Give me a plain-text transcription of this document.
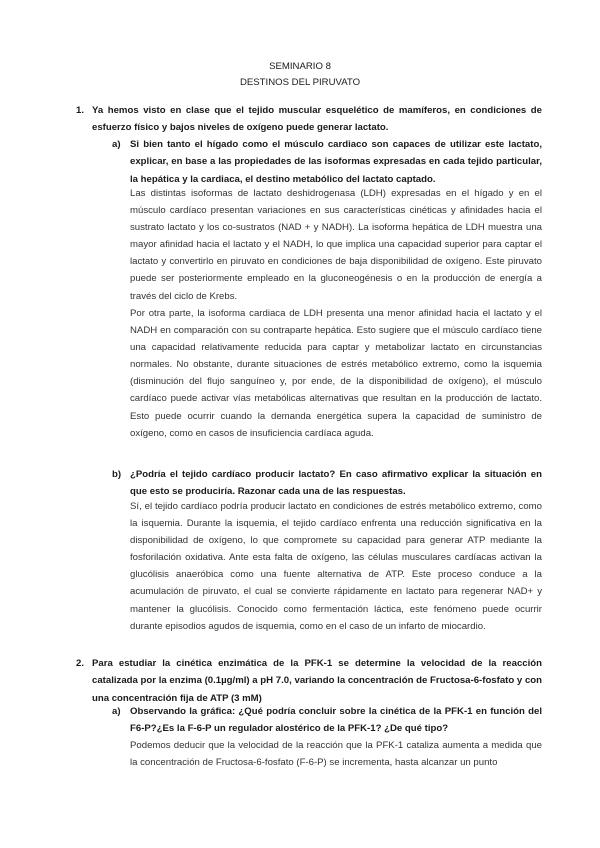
SEMINARIO 8
DESTINOS DEL PIRUVATO
1. Ya hemos visto en clase que el tejido muscular esquelético de mamíferos, en condiciones de esfuerzo físico y bajos niveles de oxígeno puede generar lactato.
a) Si bien tanto el hígado como el músculo cardiaco son capaces de utilizar este lactato, explicar, en base a las propiedades de las isoformas expresadas en cada tejido particular, la hepática y la cardiaca, el destino metabólico del lactato captado.
Las distintas isoformas de lactato deshidrogenasa (LDH) expresadas en el hígado y en el músculo cardíaco presentan variaciones en sus características cinéticas y afinidades hacia el sustrato lactato y los co-sustratos (NAD + y NADH). La isoforma hepática de LDH muestra una mayor afinidad hacia el lactato y el NADH, lo que implica una capacidad superior para captar el lactato y convertirlo en piruvato en condiciones de baja disponibilidad de oxígeno. Este piruvato puede ser posteriormente empleado en la gluconeogénesis o en la producción de energía a través del ciclo de Krebs.
Por otra parte, la isoforma cardiaca de LDH presenta una menor afinidad hacia el lactato y el NADH en comparación con su contraparte hepática. Esto sugiere que el músculo cardíaco tiene una capacidad relativamente reducida para captar y metabolizar lactato en circunstancias normales. No obstante, durante situaciones de estrés metabólico extremo, como la isquemia (disminución del flujo sanguíneo y, por ende, de la disponibilidad de oxígeno), el músculo cardíaco puede activar vías metabólicas alternativas que resultan en la producción de lactato. Esto puede ocurrir cuando la demanda energética supera la capacidad de suministro de oxígeno, como en casos de insuficiencia cardíaca aguda.
b) ¿Podría el tejido cardíaco producir lactato? En caso afirmativo explicar la situación en que esto se produciría. Razonar cada una de las respuestas.
Sí, el tejido cardíaco podría producir lactato en condiciones de estrés metabólico extremo, como la isquemia. Durante la isquemia, el tejido cardíaco enfrenta una reducción significativa en la disponibilidad de oxígeno, lo que compromete su capacidad para generar ATP mediante la fosforilación oxidativa. Ante esta falta de oxígeno, las células musculares cardíacas activan la glucólisis anaeróbica como una fuente alternativa de ATP. Este proceso conduce a la acumulación de piruvato, el cual se convierte rápidamente en lactato para regenerar NAD+ y mantener la glucólisis. Conocido como fermentación láctica, este fenómeno puede ocurrir durante episodios agudos de isquemia, como en el caso de un infarto de miocardio.
2. Para estudiar la cinética enzimática de la PFK-1 se determine la velocidad de la reacción catalizada por la enzima (0.1µg/ml) a pH 7.0, variando la concentración de Fructosa-6-fosfato y con una concentración fija de ATP (3 mM)
a) Observando la gráfica: ¿Qué podría concluir sobre la cinética de la PFK-1 en función del F6-P?¿Es la F-6-P un regulador alostérico de la PFK-1? ¿De qué tipo?
Podemos deducir que la velocidad de la reacción que la PFK-1 cataliza aumenta a medida que la concentración de Fructosa-6-fosfato (F-6-P) se incrementa, hasta alcanzar un punto
